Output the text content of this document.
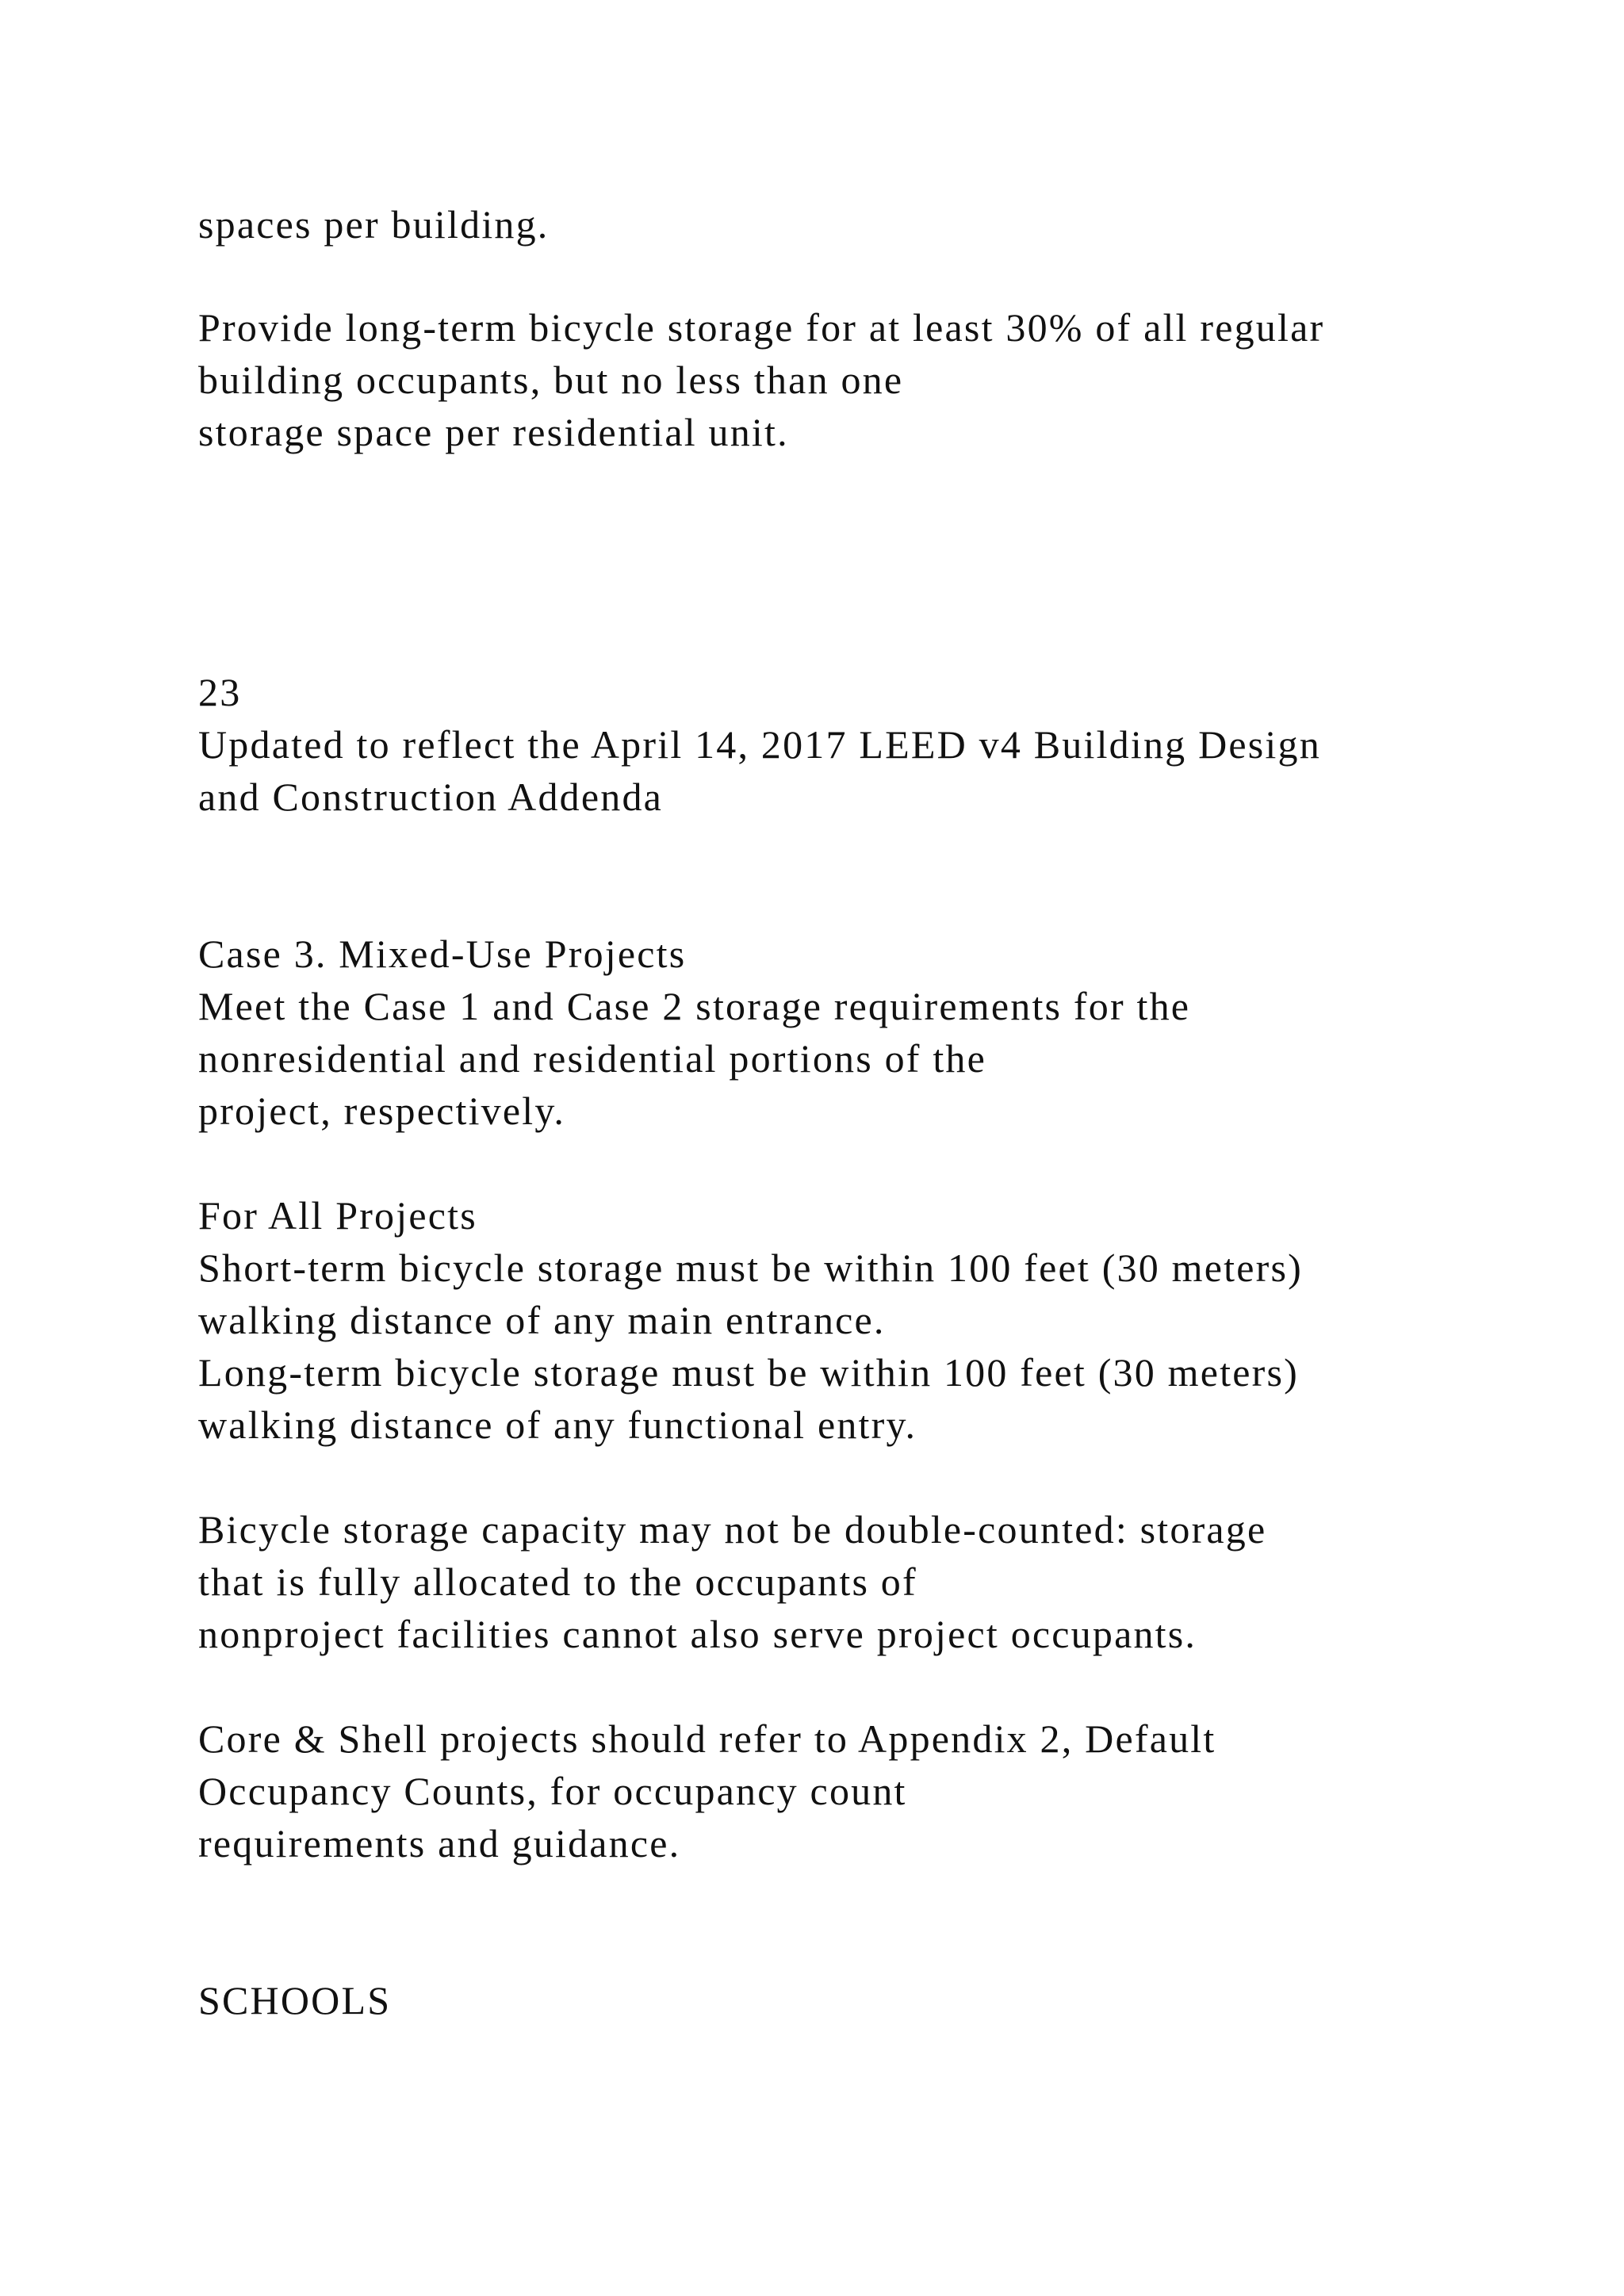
spaces per building.

Provide long-term bicycle storage for at least 30% of all regular

building occupants, but no less than one

storage space per residential unit.

23

Updated to reflect the April 14, 2017 LEED v4 Building Design

and Construction Addenda

Case 3. Mixed-Use Projects

Meet the Case 1 and Case 2 storage requirements for the

nonresidential and residential portions of the

project, respectively.

For All Projects

Short-term bicycle storage must be within 100 feet (30 meters)

walking distance of any main entrance.

Long-term bicycle storage must be within 100 feet (30 meters)

walking distance of any functional entry.

Bicycle storage capacity may not be double-counted: storage

that is fully allocated to the occupants of

nonproject facilities cannot also serve project occupants.

Core & Shell projects should refer to Appendix 2, Default

Occupancy Counts, for occupancy count

requirements and guidance.

SCHOOLS
